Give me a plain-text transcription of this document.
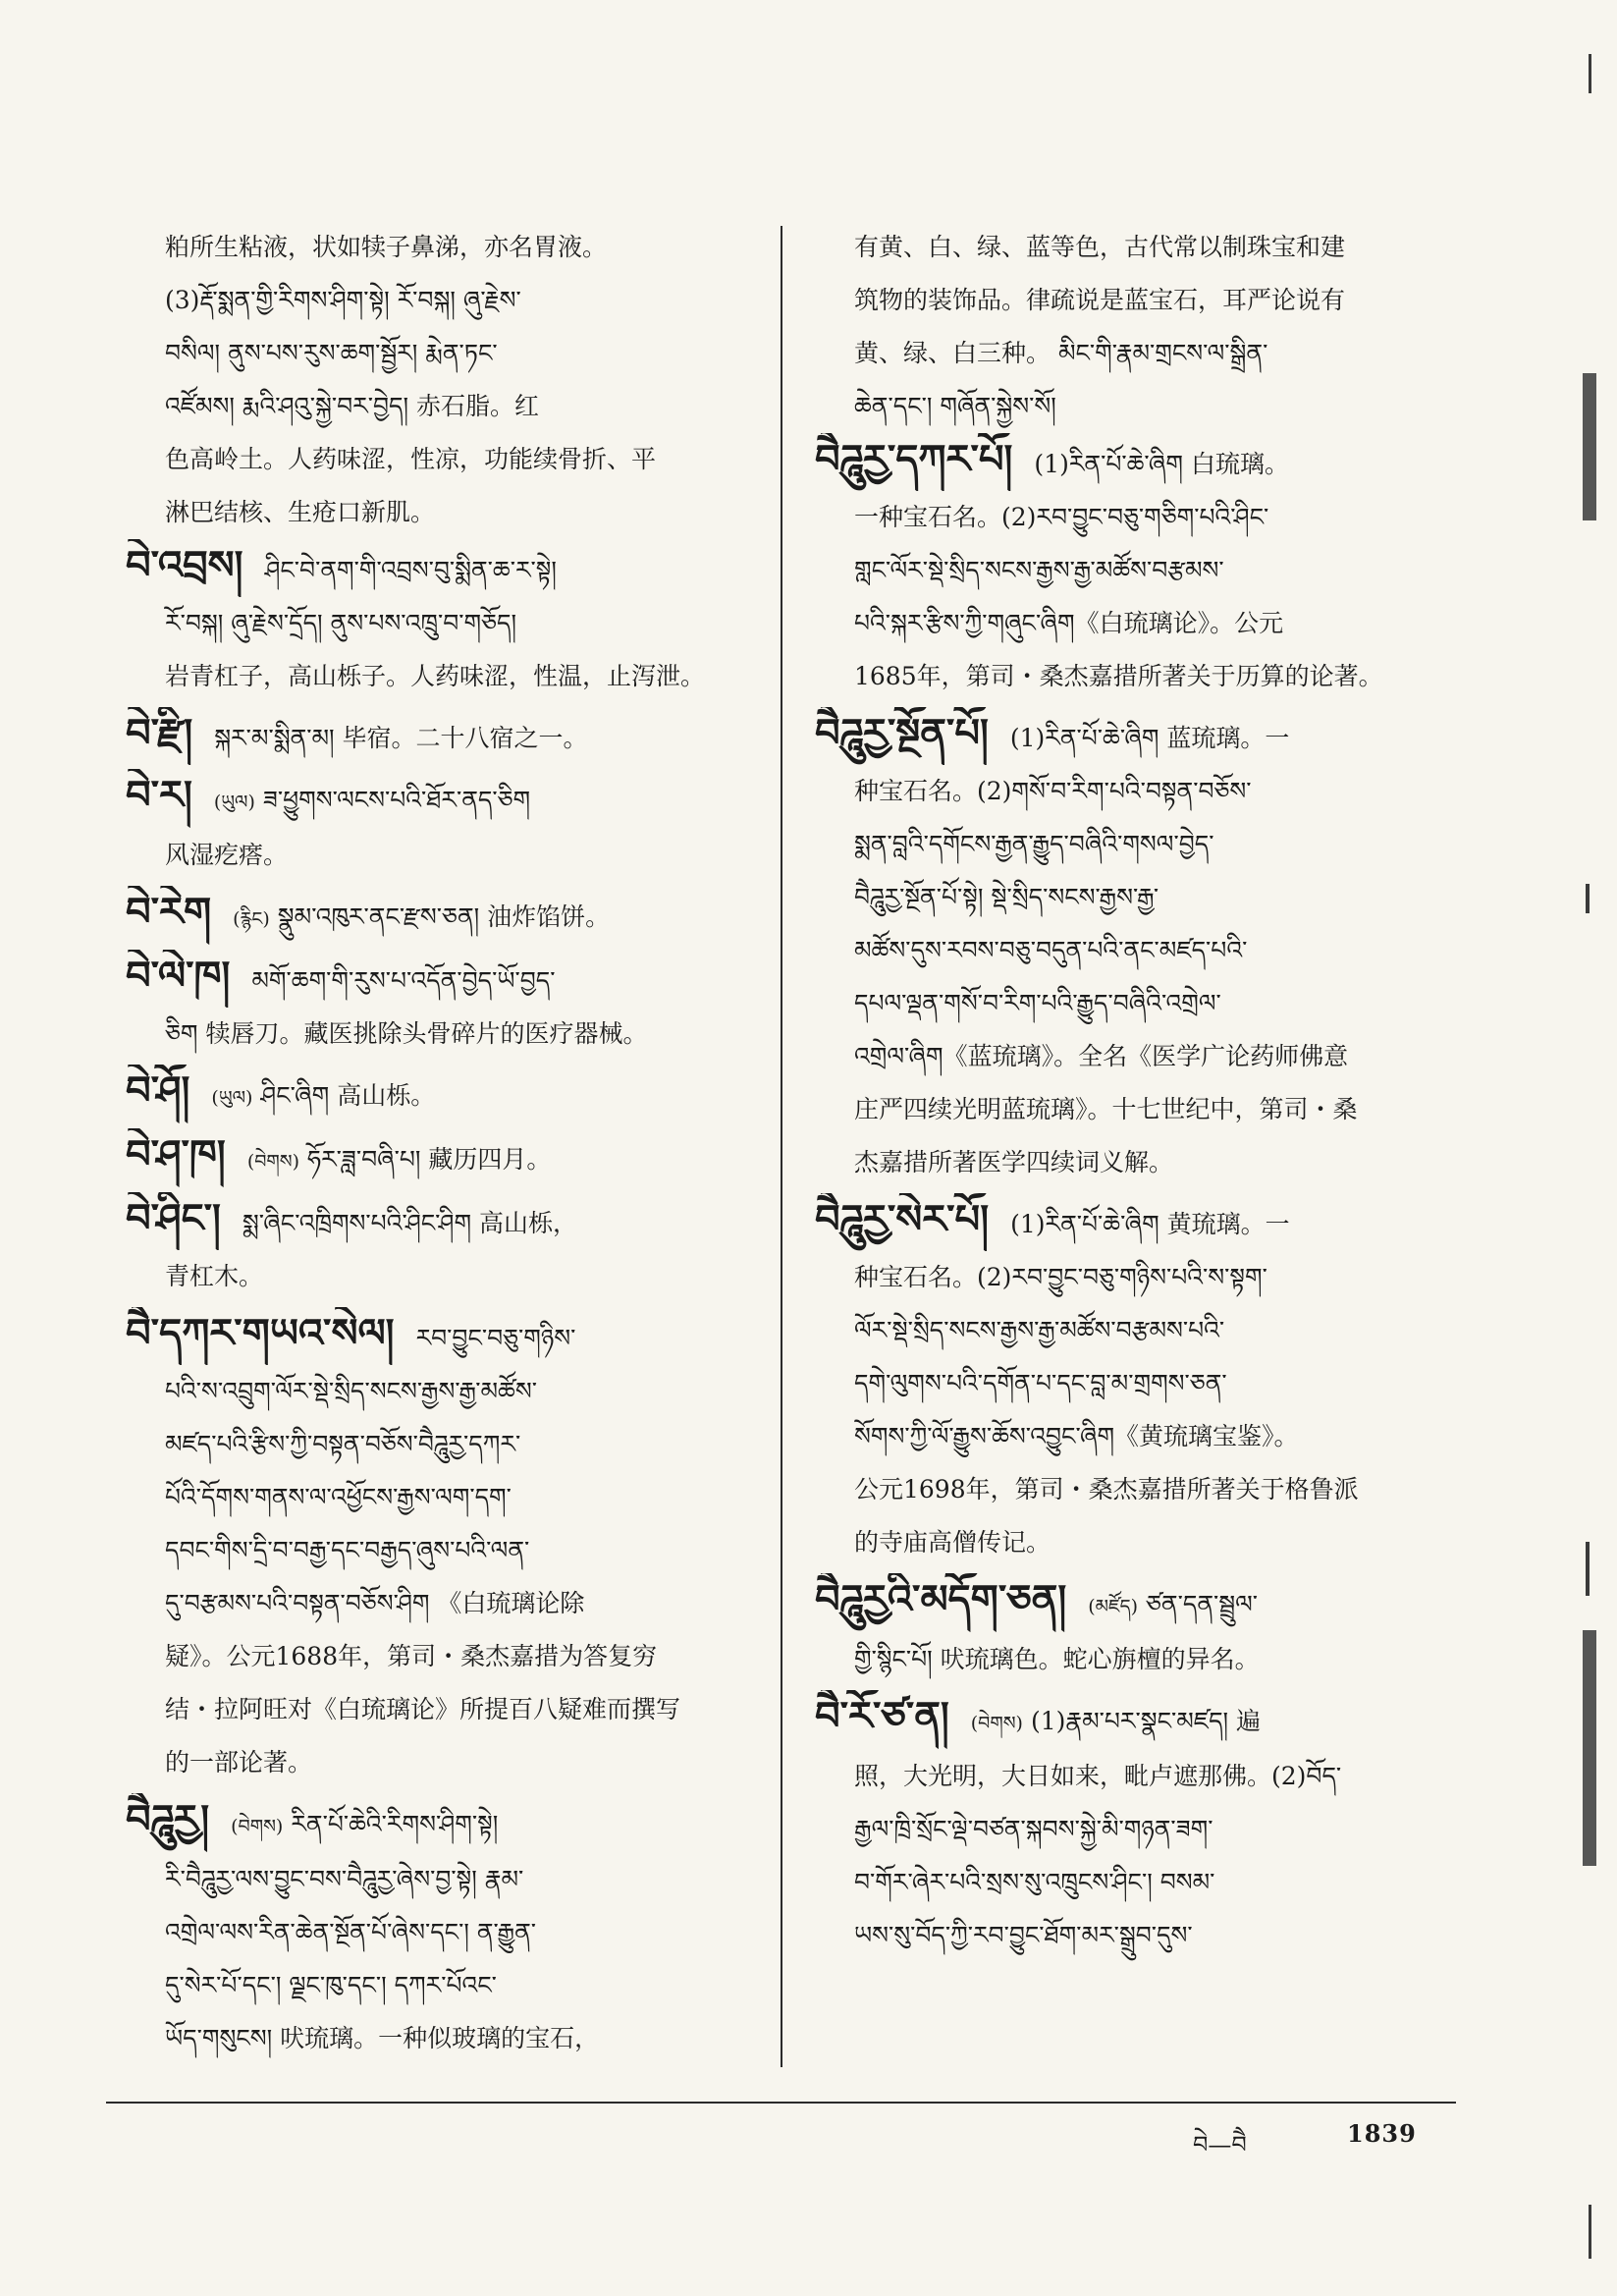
粕所生粘液，状如犊子鼻涕，亦名胃液。
(3)རྡོ་སྨན་གྱི་རིགས་ཤིག་སྟེ། རོ་བསྐ། ཞུ་རྗེས་
བསིལ། ནུས་པས་རུས་ཆག་སྦྱོར། རྨེན་ཏང་
འཛོམས། རྨའི་ཤའུ་སྐྱེ་བར་བྱེད། 赤石脂。红
色高岭土。人药味涩，性凉，功能续骨折、平
淋巴结核、生疮口新肌。
བེ་འབྲས། ཤིང་བེ་ནག་གི་འབྲས་བུ་སྨིན་ཆ་ར་སྟེ།
རོ་བསྐ། ཞུ་རྗེས་དྲོད། ནུས་པས་འཁྲུ་བ་གཅོད།
岩青杠子，高山栎子。人药味涩，性温，止泻泄。
བེ་རྫི། སྐར་མ་སྨིན་མ། 毕宿。二十八宿之一。
བེ་ར། (ཡུལ) ཟ་ཕྱུགས་ལངས་པའི་ཐོར་ནད་ཅིག
风湿疙瘩。
བེ་རེག (རྙིང) སྣུམ་འཁུར་ནང་རྫས་ཅན། 油炸馅饼。
བེ་ལེ་ཁ། མགོ་ཆག་གི་རུས་པ་འདོན་བྱེད་ཡོ་བྱད་
ཅིག 犊唇刀。藏医挑除头骨碎片的医疗器械。
བེ་ཤོ། (ཡུལ) ཤིང་ཞིག 高山栎。
བེ་ཤ་ཁ། (བེགས) ཧོར་ཟླ་བཞི་པ། 藏历四月。
བེ་ཤིང་། སྨ་ཞིང་འཁྲིགས་པའི་ཤིང་ཤིག 高山栎，
青杠木。
བཻ་དཀར་གཡའ་སེལ། རབ་བྱུང་བཅུ་གཉིས་
པའི་ས་འབྲུག་ལོར་སྡེ་སྲིད་སངས་རྒྱས་རྒྱ་མཚོས་
མཛད་པའི་རྩིས་ཀྱི་བསྟན་བཅོས་བཻཌཱུརྱ་དཀར་
པོའི་དོགས་གནས་ལ་འཕྱོངས་རྒྱས་ལག་དག་
དབང་གིས་དྲི་བ་བརྒྱ་དང་བརྒྱད་ཞུས་པའི་ལན་
དུ་བརྩམས་པའི་བསྟན་བཅོས་ཤིག 《白琉璃论除
疑》。公元1688年，第司・桑杰嘉措为答复穷
结・拉阿旺对《白琉璃论》所提百八疑难而撰写
的一部论著。
བཻཌཱུརྱ། (བེགས) རིན་པོ་ཆེའི་རིགས་ཤིག་སྟེ།
རི་བཻཌཱུརྱ་ལས་བྱུང་བས་བཻཌཱུརྱ་ཞེས་བྱ་སྟེ། རྣམ་
འགྲེལ་ལས་རིན་ཆེན་སྔོན་པོ་ཞེས་དང་། ན་རྒྱུན་
དུ་སེར་པོ་དང་། ལྗང་ཁུ་དང་། དཀར་པོའང་
ཡོད་གསུངས། 吠琉璃。一种似玻璃的宝石，
有黄、白、绿、蓝等色，古代常以制珠宝和建
筑物的装饰品。律疏说是蓝宝石，耳严论说有
黄、绿、白三种。 མིང་གི་རྣམ་གྲངས་ལ་སྒྲིན་
ཆེན་དང་། གཞོན་སྐྱེས་སོ།
བཻཌཱུརྱ་དཀར་པོ། (1)རིན་པོ་ཆེ་ཞིག 白琉璃。
一种宝石名。(2)རབ་བྱུང་བཅུ་གཅིག་པའི་ཤིང་
གླང་ལོར་སྡེ་སྲིད་སངས་རྒྱས་རྒྱ་མཚོས་བརྩམས་
པའི་སྐར་རྩིས་ཀྱི་གཞུང་ཞིག《白琉璃论》。公元
1685年，第司・桑杰嘉措所著关于历算的论著。
བཻཌཱུརྱ་སྔོན་པོ། (1)རིན་པོ་ཆེ་ཞིག 蓝琉璃。一
种宝石名。(2)གསོ་བ་རིག་པའི་བསྟན་བཅོས་
སྨན་བླའི་དགོངས་རྒྱན་རྒྱུད་བཞིའི་གསལ་བྱེད་
བཻཌཱུརྱ་སྔོན་པོ་སྟེ། སྡེ་སྲིད་སངས་རྒྱས་རྒྱ་
མཚོས་དུས་རབས་བཅུ་བདུན་པའི་ནང་མཛད་པའི་
དཔལ་ལྡན་གསོ་བ་རིག་པའི་རྒྱུད་བཞིའི་འགྲེལ་
འགྲེལ་ཞིག《蓝琉璃》。全名《医学广论药师佛意
庄严四续光明蓝琉璃》。十七世纪中，第司・桑
杰嘉措所著医学四续词义解。
བཻཌཱུརྱ་སེར་པོ། (1)རིན་པོ་ཆེ་ཞིག 黄琉璃。一
种宝石名。(2)རབ་བྱུང་བཅུ་གཉིས་པའི་ས་སྟག་
ལོར་སྡེ་སྲིད་སངས་རྒྱས་རྒྱ་མཚོས་བརྩམས་པའི་
དགེ་ལུགས་པའི་དགོན་པ་དང་བླ་མ་གྲགས་ཅན་
སོགས་ཀྱི་ལོ་རྒྱུས་ཆོས་འབྱུང་ཞིག《黄琉璃宝鉴》。
公元1698年，第司・桑杰嘉措所著关于格鲁派
的寺庙高僧传记。
བཻཌཱུརྱའི་མདོག་ཅན། (མཛོད) ཙན་དན་སྦྲུལ་
གྱི་སྙིང་པོ། 吠琉璃色。蛇心旃檀的异名。
བཻ་རོ་ཙ་ན། (བེགས) (1)རྣམ་པར་སྣང་མཛད། 遍
照，大光明，大日如来，毗卢遮那佛。(2)བོད་
རྒྱལ་ཁྲི་སྲོང་ལྡེ་བཙན་སྐབས་སྐྱེ་མི་གཉན་ཟག་
བ་གོར་ཞེར་པའི་སྲས་སུ་འཁྲུངས་ཤིང་། བསམ་
ཡས་སུ་བོད་ཀྱི་རབ་བྱུང་ཐོག་མར་སྒྲུབ་དུས་
བེ—བཻ	1839
